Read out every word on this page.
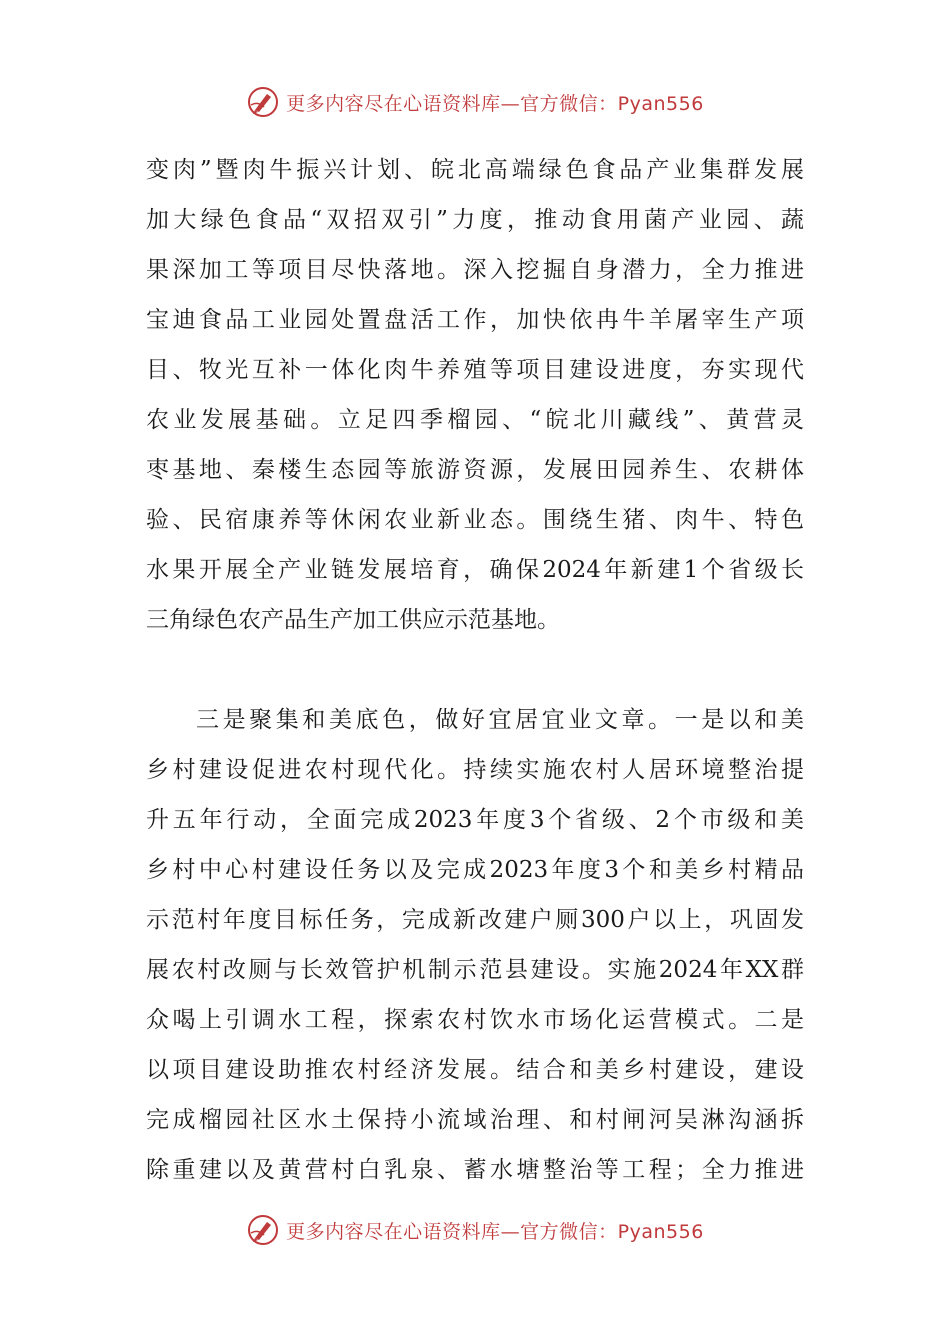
更多内容尽在心语资料库—官方微信：Pyan556
变肉”暨肉牛振兴计划、皖北高端绿色食品产业集群发展
加大绿色食品“双招双引”力度，推动食用菌产业园、蔬
果深加工等项目尽快落地。深入挖掘自身潜力，全力推进
宝迪食品工业园处置盘活工作，加快依冉牛羊屠宰生产项
目、牧光互补一体化肉牛养殖等项目建设进度，夯实现代
农业发展基础。立足四季榴园、“皖北川藏线”、黄营灵
枣基地、秦楼生态园等旅游资源，发展田园养生、农耕体
验、民宿康养等休闲农业新业态。围绕生猪、肉牛、特色
水果开展全产业链发展培育，确保2024年新建1个省级长
三角绿色农产品生产加工供应示范基地。
三是聚集和美底色，做好宜居宜业文章。一是以和美
乡村建设促进农村现代化。持续实施农村人居环境整治提
升五年行动，全面完成2023年度3个省级、2个市级和美
乡村中心村建设任务以及完成2023年度3个和美乡村精品
示范村年度目标任务，完成新改建户厕300户以上，巩固发
展农村改厕与长效管护机制示范县建设。实施2024年XX群
众喝上引调水工程，探索农村饮水市场化运营模式。二是
以项目建设助推农村经济发展。结合和美乡村建设，建设
完成榴园社区水土保持小流域治理、和村闸河吴淋沟涵拆
除重建以及黄营村白乳泉、蓄水塘整治等工程；全力推进
更多内容尽在心语资料库—官方微信：Pyan556
